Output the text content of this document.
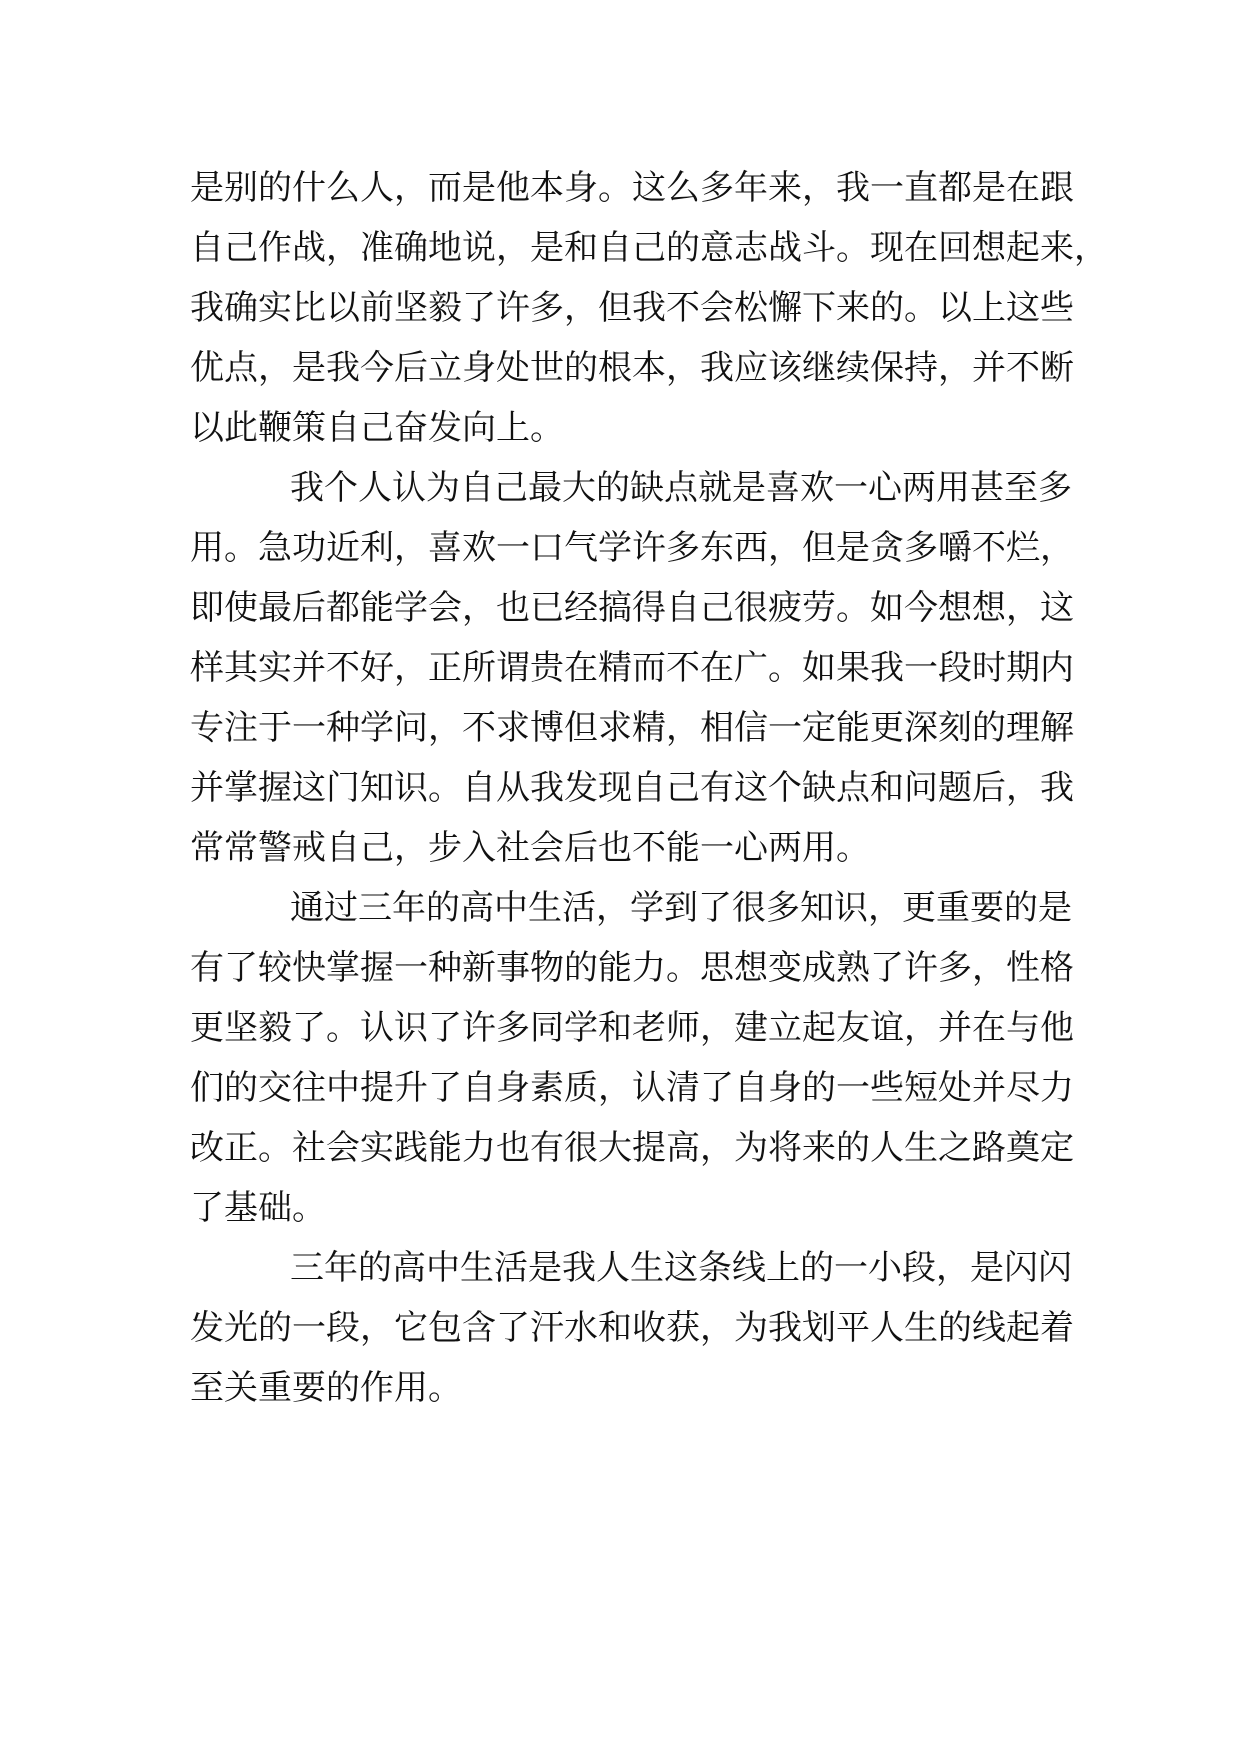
是别的什么人，而是他本身。这么多年来，我一直都是在跟
自己作战，准确地说，是和自己的意志战斗。现在回想起来，
我确实比以前坚毅了许多，但我不会松懈下来的。以上这些
优点，是我今后立身处世的根本，我应该继续保持，并不断
以此鞭策自己奋发向上。
我个人认为自己最大的缺点就是喜欢一心两用甚至多
用。急功近利，喜欢一口气学许多东西，但是贪多嚼不烂，
即使最后都能学会，也已经搞得自己很疲劳。如今想想，这
样其实并不好，正所谓贵在精而不在广。如果我一段时期内
专注于一种学问，不求博但求精，相信一定能更深刻的理解
并掌握这门知识。自从我发现自己有这个缺点和问题后，我
常常警戒自己，步入社会后也不能一心两用。
通过三年的高中生活，学到了很多知识，更重要的是
有了较快掌握一种新事物的能力。思想变成熟了许多，性格
更坚毅了。认识了许多同学和老师，建立起友谊，并在与他
们的交往中提升了自身素质，认清了自身的一些短处并尽力
改正。社会实践能力也有很大提高，为将来的人生之路奠定
了基础。
三年的高中生活是我人生这条线上的一小段，是闪闪
发光的一段，它包含了汗水和收获，为我划平人生的线起着
至关重要的作用。
